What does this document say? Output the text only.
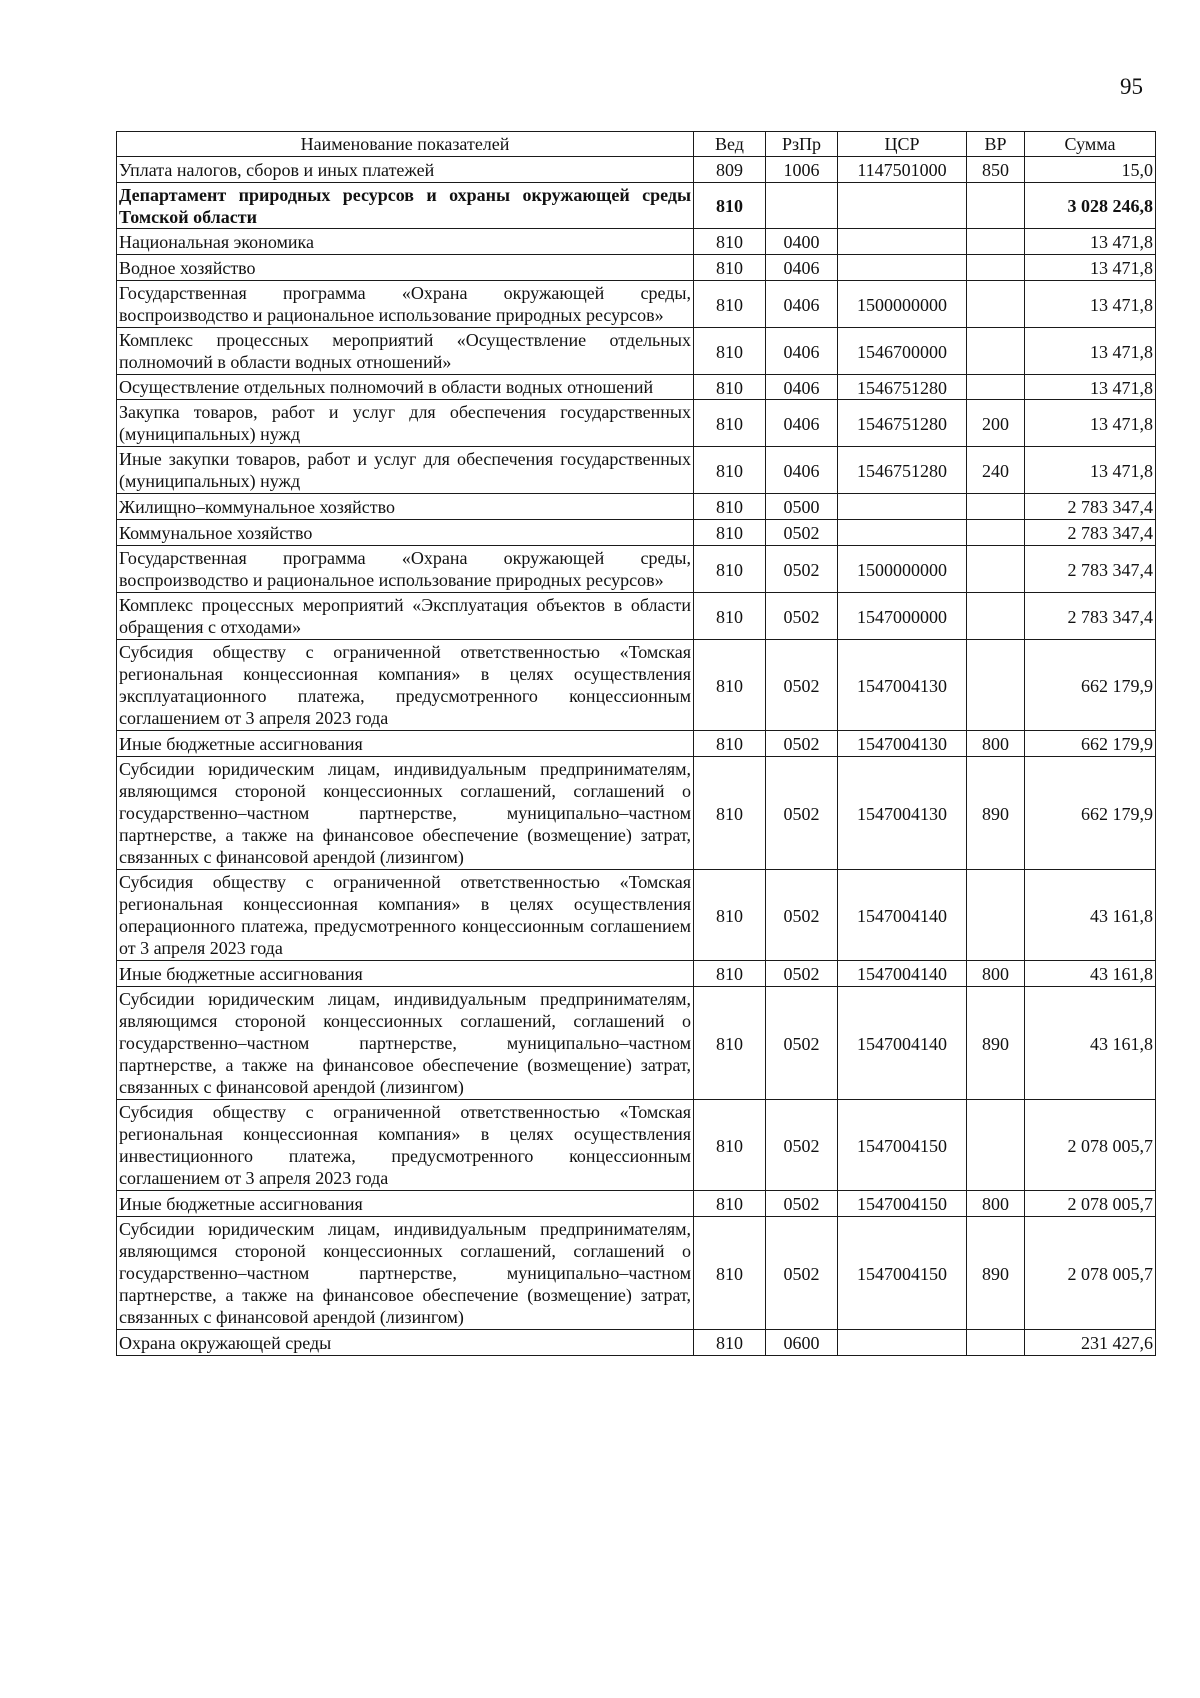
95
Наименование показателей	Вед	РзПр	ЦСР	ВР	Сумма
Уплата налогов, сборов и иных платежей	809	1006	1147501000	850	15,0
Департамент природных ресурсов и охраны окружающей среды Томской области	810				3 028 246,8
Национальная экономика	810	0400			13 471,8
Водное хозяйство	810	0406			13 471,8
Государственная программа «Охрана окружающей среды, воспроизводство и рациональное использование природных ресурсов»	810	0406	1500000000		13 471,8
Комплекс процессных мероприятий «Осуществление отдельных полномочий в области водных отношений»	810	0406	1546700000		13 471,8
Осуществление отдельных полномочий в области водных отношений	810	0406	1546751280		13 471,8
Закупка товаров, работ и услуг для обеспечения государственных (муниципальных) нужд	810	0406	1546751280	200	13 471,8
Иные закупки товаров, работ и услуг для обеспечения государственных (муниципальных) нужд	810	0406	1546751280	240	13 471,8
Жилищно–коммунальное хозяйство	810	0500			2 783 347,4
Коммунальное хозяйство	810	0502			2 783 347,4
Государственная программа «Охрана окружающей среды, воспроизводство и рациональное использование природных ресурсов»	810	0502	1500000000		2 783 347,4
Комплекс процессных мероприятий «Эксплуатация объектов в области обращения с отходами»	810	0502	1547000000		2 783 347,4
Субсидия обществу с ограниченной ответственностью «Томская региональная концессионная компания» в целях осуществления эксплуатационного платежа, предусмотренного концессионным соглашением от 3 апреля 2023 года	810	0502	1547004130		662 179,9
Иные бюджетные ассигнования	810	0502	1547004130	800	662 179,9
Субсидии юридическим лицам, индивидуальным предпринимателям, являющимся стороной концессионных соглашений, соглашений о государственно–частном партнерстве, муниципально–частном партнерстве, а также на финансовое обеспечение (возмещение) затрат, связанных с финансовой арендой (лизингом)	810	0502	1547004130	890	662 179,9
Субсидия обществу с ограниченной ответственностью «Томская региональная концессионная компания» в целях осуществления операционного платежа, предусмотренного концессионным соглашением от 3 апреля 2023 года	810	0502	1547004140		43 161,8
Иные бюджетные ассигнования	810	0502	1547004140	800	43 161,8
Субсидии юридическим лицам, индивидуальным предпринимателям, являющимся стороной концессионных соглашений, соглашений о государственно–частном партнерстве, муниципально–частном партнерстве, а также на финансовое обеспечение (возмещение) затрат, связанных с финансовой арендой (лизингом)	810	0502	1547004140	890	43 161,8
Субсидия обществу с ограниченной ответственностью «Томская региональная концессионная компания» в целях осуществления инвестиционного платежа, предусмотренного концессионным соглашением от 3 апреля 2023 года	810	0502	1547004150		2 078 005,7
Иные бюджетные ассигнования	810	0502	1547004150	800	2 078 005,7
Субсидии юридическим лицам, индивидуальным предпринимателям, являющимся стороной концессионных соглашений, соглашений о государственно–частном партнерстве, муниципально–частном партнерстве, а также на финансовое обеспечение (возмещение) затрат, связанных с финансовой арендой (лизингом)	810	0502	1547004150	890	2 078 005,7
Охрана окружающей среды	810	0600			231 427,6
